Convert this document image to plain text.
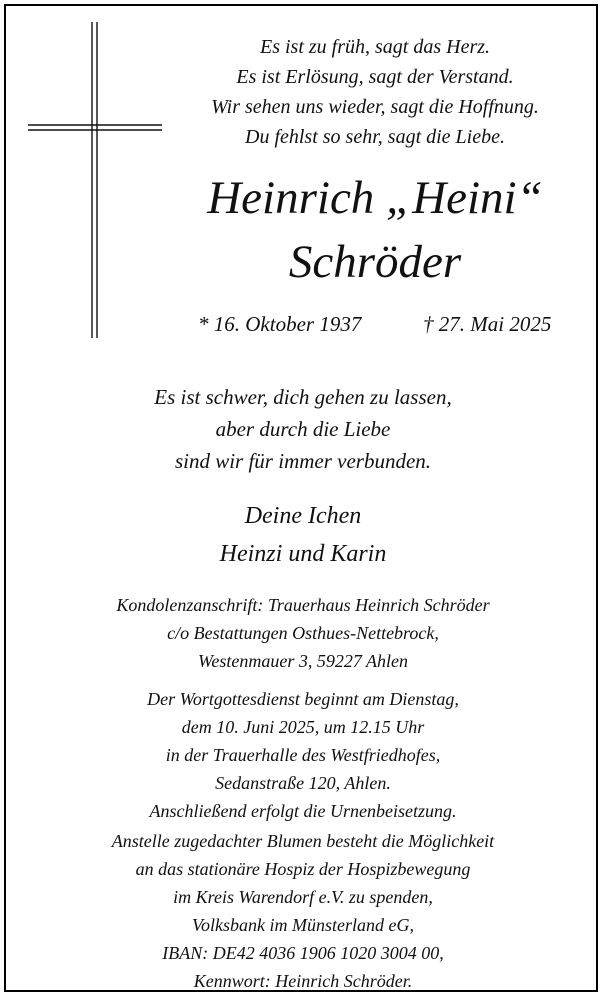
Es ist zu früh, sagt das Herz.
Es ist Erlösung, sagt der Verstand.
Wir sehen uns wieder, sagt die Hoffnung.
Du fehlst so sehr, sagt die Liebe.
Heinrich „Heini“
Schröder
* 16. Oktober 1937	† 27. Mai 2025
Es ist schwer, dich gehen zu lassen,
aber durch die Liebe
sind wir für immer verbunden.
Deine Ichen
Heinzi und Karin
Kondolenzanschrift: Trauerhaus Heinrich Schröder
c/o Bestattungen Osthues-Nettebrock,
Westenmauer 3, 59227 Ahlen
Der Wortgottesdienst beginnt am Dienstag,
dem 10. Juni 2025, um 12.15 Uhr
in der Trauerhalle des Westfriedhofes,
Sedanstraße 120, Ahlen.
Anschließend erfolgt die Urnenbeisetzung.
Anstelle zugedachter Blumen besteht die Möglichkeit
an das stationäre Hospiz der Hospizbewegung
im Kreis Warendorf e.V. zu spenden,
Volksbank im Münsterland eG,
IBAN: DE42 4036 1906 1020 3004 00,
Kennwort: Heinrich Schröder.
